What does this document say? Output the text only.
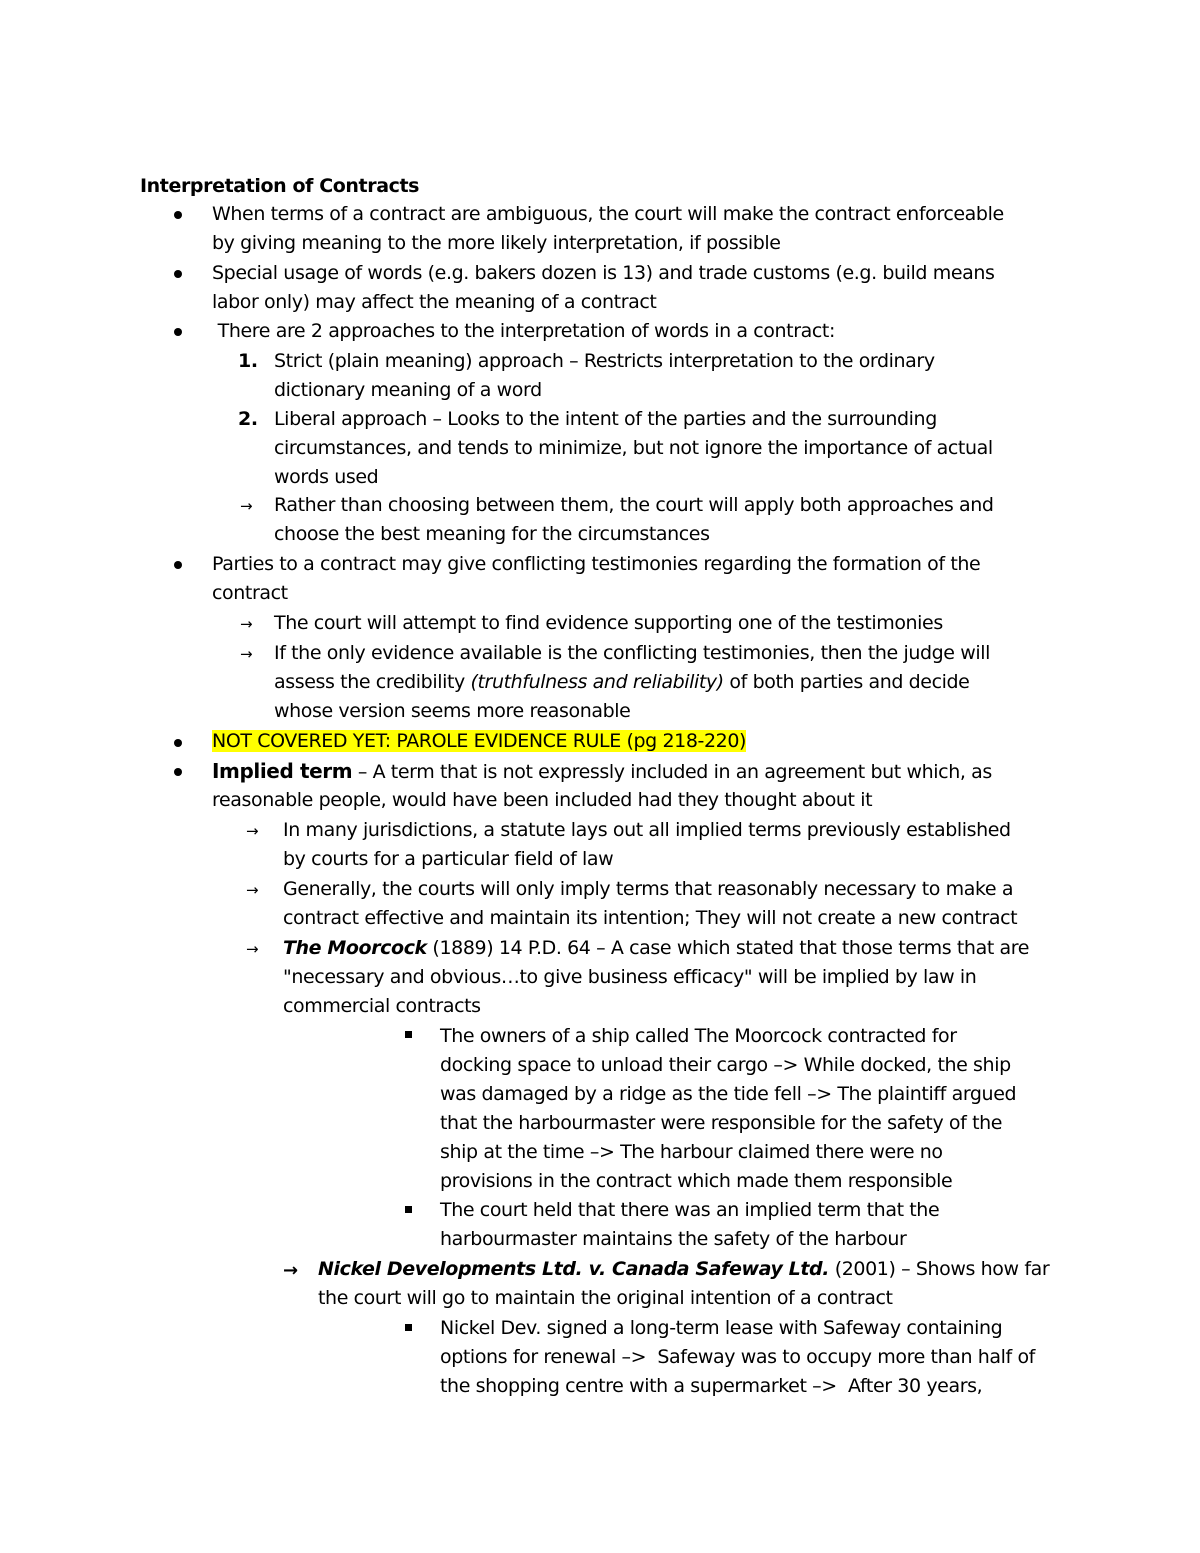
Interpretation of Contracts
When terms of a contract are ambiguous, the court will make the contract enforceable
by giving meaning to the more likely interpretation, if possible
Special usage of words (e.g. bakers dozen is 13) and trade customs (e.g. build means
labor only) may affect the meaning of a contract
There are 2 approaches to the interpretation of words in a contract:
1. Strict (plain meaning) approach – Restricts interpretation to the ordinary
dictionary meaning of a word
2. Liberal approach – Looks to the intent of the parties and the surrounding
circumstances, and tends to minimize, but not ignore the importance of actual
words used
→ Rather than choosing between them, the court will apply both approaches and
choose the best meaning for the circumstances
Parties to a contract may give conflicting testimonies regarding the formation of the
contract
→ The court will attempt to find evidence supporting one of the testimonies
→ If the only evidence available is the conflicting testimonies, then the judge will
assess the credibility (truthfulness and reliability) of both parties and decide
whose version seems more reasonable
NOT COVERED YET: PAROLE EVIDENCE RULE (pg 218-220)
Implied term – A term that is not expressly included in an agreement but which, as
reasonable people, would have been included had they thought about it
→ In many jurisdictions, a statute lays out all implied terms previously established
by courts for a particular field of law
→ Generally, the courts will only imply terms that reasonably necessary to make a
contract effective and maintain its intention; They will not create a new contract
→ The Moorcock (1889) 14 P.D. 64 – A case which stated that those terms that are
"necessary and obvious…to give business efficacy" will be implied by law in
commercial contracts
The owners of a ship called The Moorcock contracted for
docking space to unload their cargo –> While docked, the ship
was damaged by a ridge as the tide fell –> The plaintiff argued
that the harbourmaster were responsible for the safety of the
ship at the time –> The harbour claimed there were no
provisions in the contract which made them responsible
The court held that there was an implied term that the
harbourmaster maintains the safety of the harbour
→ Nickel Developments Ltd. v. Canada Safeway Ltd. (2001) – Shows how far
the court will go to maintain the original intention of a contract
Nickel Dev. signed a long-term lease with Safeway containing
options for renewal –>  Safeway was to occupy more than half of
the shopping centre with a supermarket –>  After 30 years,
